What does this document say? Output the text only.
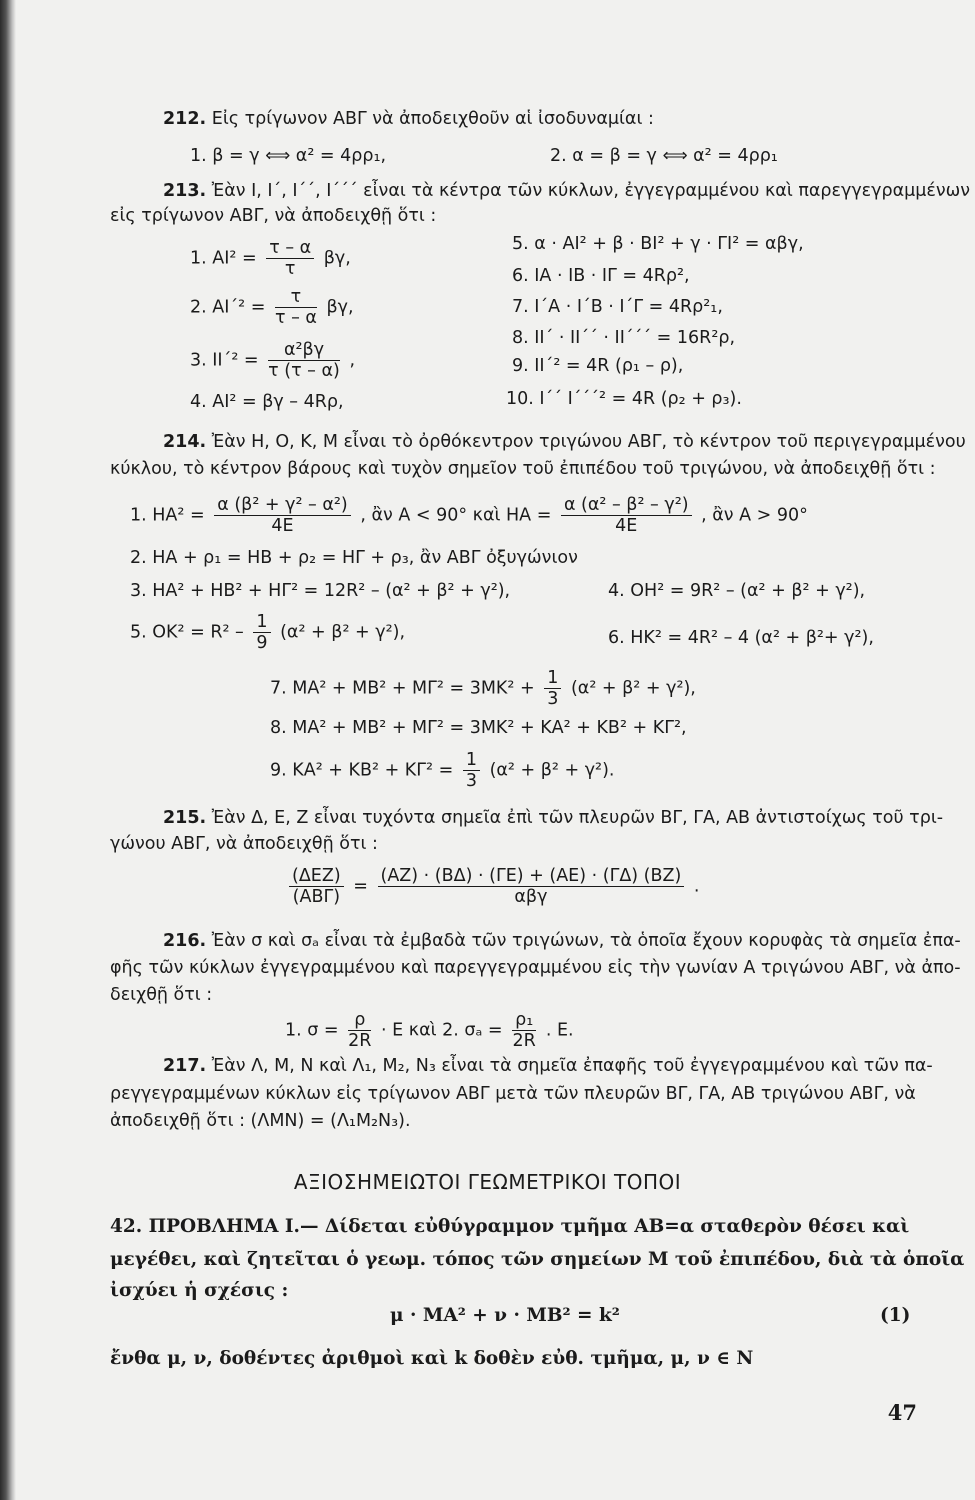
212. Εἰς τρίγωνον ΑΒΓ νὰ ἀποδειχθοῦν αἱ ἰσοδυναμίαι :
1. β = γ ⟺ α² = 4ρρ₁,	2. α = β = γ ⟺ α² = 4ρρ₁
213. Ἐὰν Ι, Ι΄, Ι΄΄, Ι΄΄΄ εἶναι τὰ κέντρα τῶν κύκλων, ἐγγεγραμμένου καὶ παρεγγεγραμμένων
εἰς τρίγωνον ΑΒΓ, νὰ ἀποδειχθῇ ὅτι :
1. $AI^2 = \frac{\tau - \alpha}{\tau} \beta\gamma$,
2. $AI΄^2 = \frac{\tau}{\tau - \alpha} \beta\gamma$,
3. $II΄^2 = \frac{\text{α²βγ}}{\tau (\tau - \alpha)}$ ,
4. ΑΙ² = βγ – 4Rρ,
5. α · ΑΙ² + β · ΒΙ² + γ · ΓΙ² = αβγ,
6. ΙΑ · ΙΒ · ΙΓ = 4Rρ²,
7. Ι΄Α · Ι΄Β · Ι΄Γ = 4Rρ²₁,
8. ΙΙ΄ · ΙΙ΄΄ · ΙΙ΄΄΄ = 16R²ρ,
9. ΙΙ΄² = 4R (ρ₁ – ρ),
10. Ι΄΄ Ι΄΄΄² = 4R (ρ₂ + ρ₃).
214. Ἐὰν Η, Ο, Κ, Μ εἶναι τὸ ὀρθόκεντρον τριγώνου ΑΒΓ, τὸ κέντρον τοῦ περιγεγραμμένου
κύκλου, τὸ κέντρον βάρους καὶ τυχὸν σημεῖον τοῦ ἐπιπέδου τοῦ τριγώνου, νὰ ἀποδειχθῇ ὅτι :
1. $HA^2 = \frac{\text{α (β² + γ² – α²)}}{4E}$ , ἂν Α < 90° καὶ $HA = \frac{\text{α (α² – β² – γ²)}}{4E}$ , ἂν Α > 90°
2. ΗΑ + ρ₁ = ΗΒ + ρ₂ = ΗΓ + ρ₃, ἂν ΑΒΓ ὀξυγώνιον
3. ΗΑ² + ΗΒ² + ΗΓ² = 12R² – (α² + β² + γ²),	4. ΟΗ² = 9R² – (α² + β² + γ²),
5. $OK^2 = R^2 - \frac{1}{9} (\alpha^2 + \beta^2 + \gamma^2)$,	6. ΗΚ² = 4R² – 4 (α² + β²+ γ²),
7. $MA^2 + MB^2 + M\Gamma^2 = 3MK^2 + \frac{1}{3} (\alpha^2 + \beta^2 + \gamma^2)$,
8. ΜΑ² + ΜΒ² + ΜΓ² = 3ΜΚ² + ΚΑ² + ΚΒ² + ΚΓ²,
9. $KA^2 + KB^2 + K\Gamma^2 = \frac{1}{3} (\alpha^2 + \beta^2 + \gamma^2)$.
215. Ἐὰν Δ, Ε, Ζ εἶναι τυχόντα σημεῖα ἐπὶ τῶν πλευρῶν ΒΓ, ΓΑ, ΑΒ ἀντιστοίχως τοῦ τρι-
γώνου ΑΒΓ, νὰ ἀποδειχθῇ ὅτι :
$\frac{\text{(ΔΕΖ)}}{\text{(ΑΒΓ)}} = \frac{(AZ) \cdot (B\Delta) \cdot (\Gamma E) + (AE) \cdot (\Gamma\Delta) (BZ)}{\text{αβγ}}$ .
216. Ἐὰν σ καὶ σₐ εἶναι τὰ ἐμβαδὰ τῶν τριγώνων, τὰ ὁποῖα ἔχουν κορυφὰς τὰ σημεῖα ἐπα-
φῆς τῶν κύκλων ἐγγεγραμμένου καὶ παρεγγεγραμμένου εἰς τὴν γωνίαν Α τριγώνου ΑΒΓ, νὰ ἀπο-
δειχθῇ ὅτι :
1. $\sigma = \frac{\rho}{2R} \cdot E$ καὶ 2. $\sigma_a = \frac{\text{ρ₁}}{2R}$ . Ε.
217. Ἐὰν Λ, Μ, Ν καὶ Λ₁, Μ₂, Ν₃ εἶναι τὰ σημεῖα ἐπαφῆς τοῦ ἐγγεγραμμένου καὶ τῶν πα-
ρεγγεγραμμένων κύκλων εἰς τρίγωνον ΑΒΓ μετὰ τῶν πλευρῶν ΒΓ, ΓΑ, ΑΒ τριγώνου ΑΒΓ, νὰ
ἀποδειχθῇ ὅτι : (ΛΜΝ) = (Λ₁Μ₂Ν₃).
ΑΞΙΟΣΗΜΕΙΩΤΟΙ ΓΕΩΜΕΤΡΙΚΟΙ ΤΟΠΟΙ
42. ΠΡΟΒΛΗΜΑ Ι.— Δίδεται εὐθύγραμμον τμῆμα ΑΒ=α σταθερὸν θέσει καὶ
μεγέθει, καὶ ζητεῖται ὁ γεωμ. τόπος τῶν σημείων Μ τοῦ ἐπιπέδου, διὰ τὰ ὁποῖα
ἰσχύει ἡ σχέσις :
μ · ΜΑ² + ν · ΜΒ² = k²	(1)
ἔνθα μ, ν, δοθέντες ἀριθμοὶ καὶ k δοθὲν εὐθ. τμῆμα, μ, ν ∈ Ν
47
